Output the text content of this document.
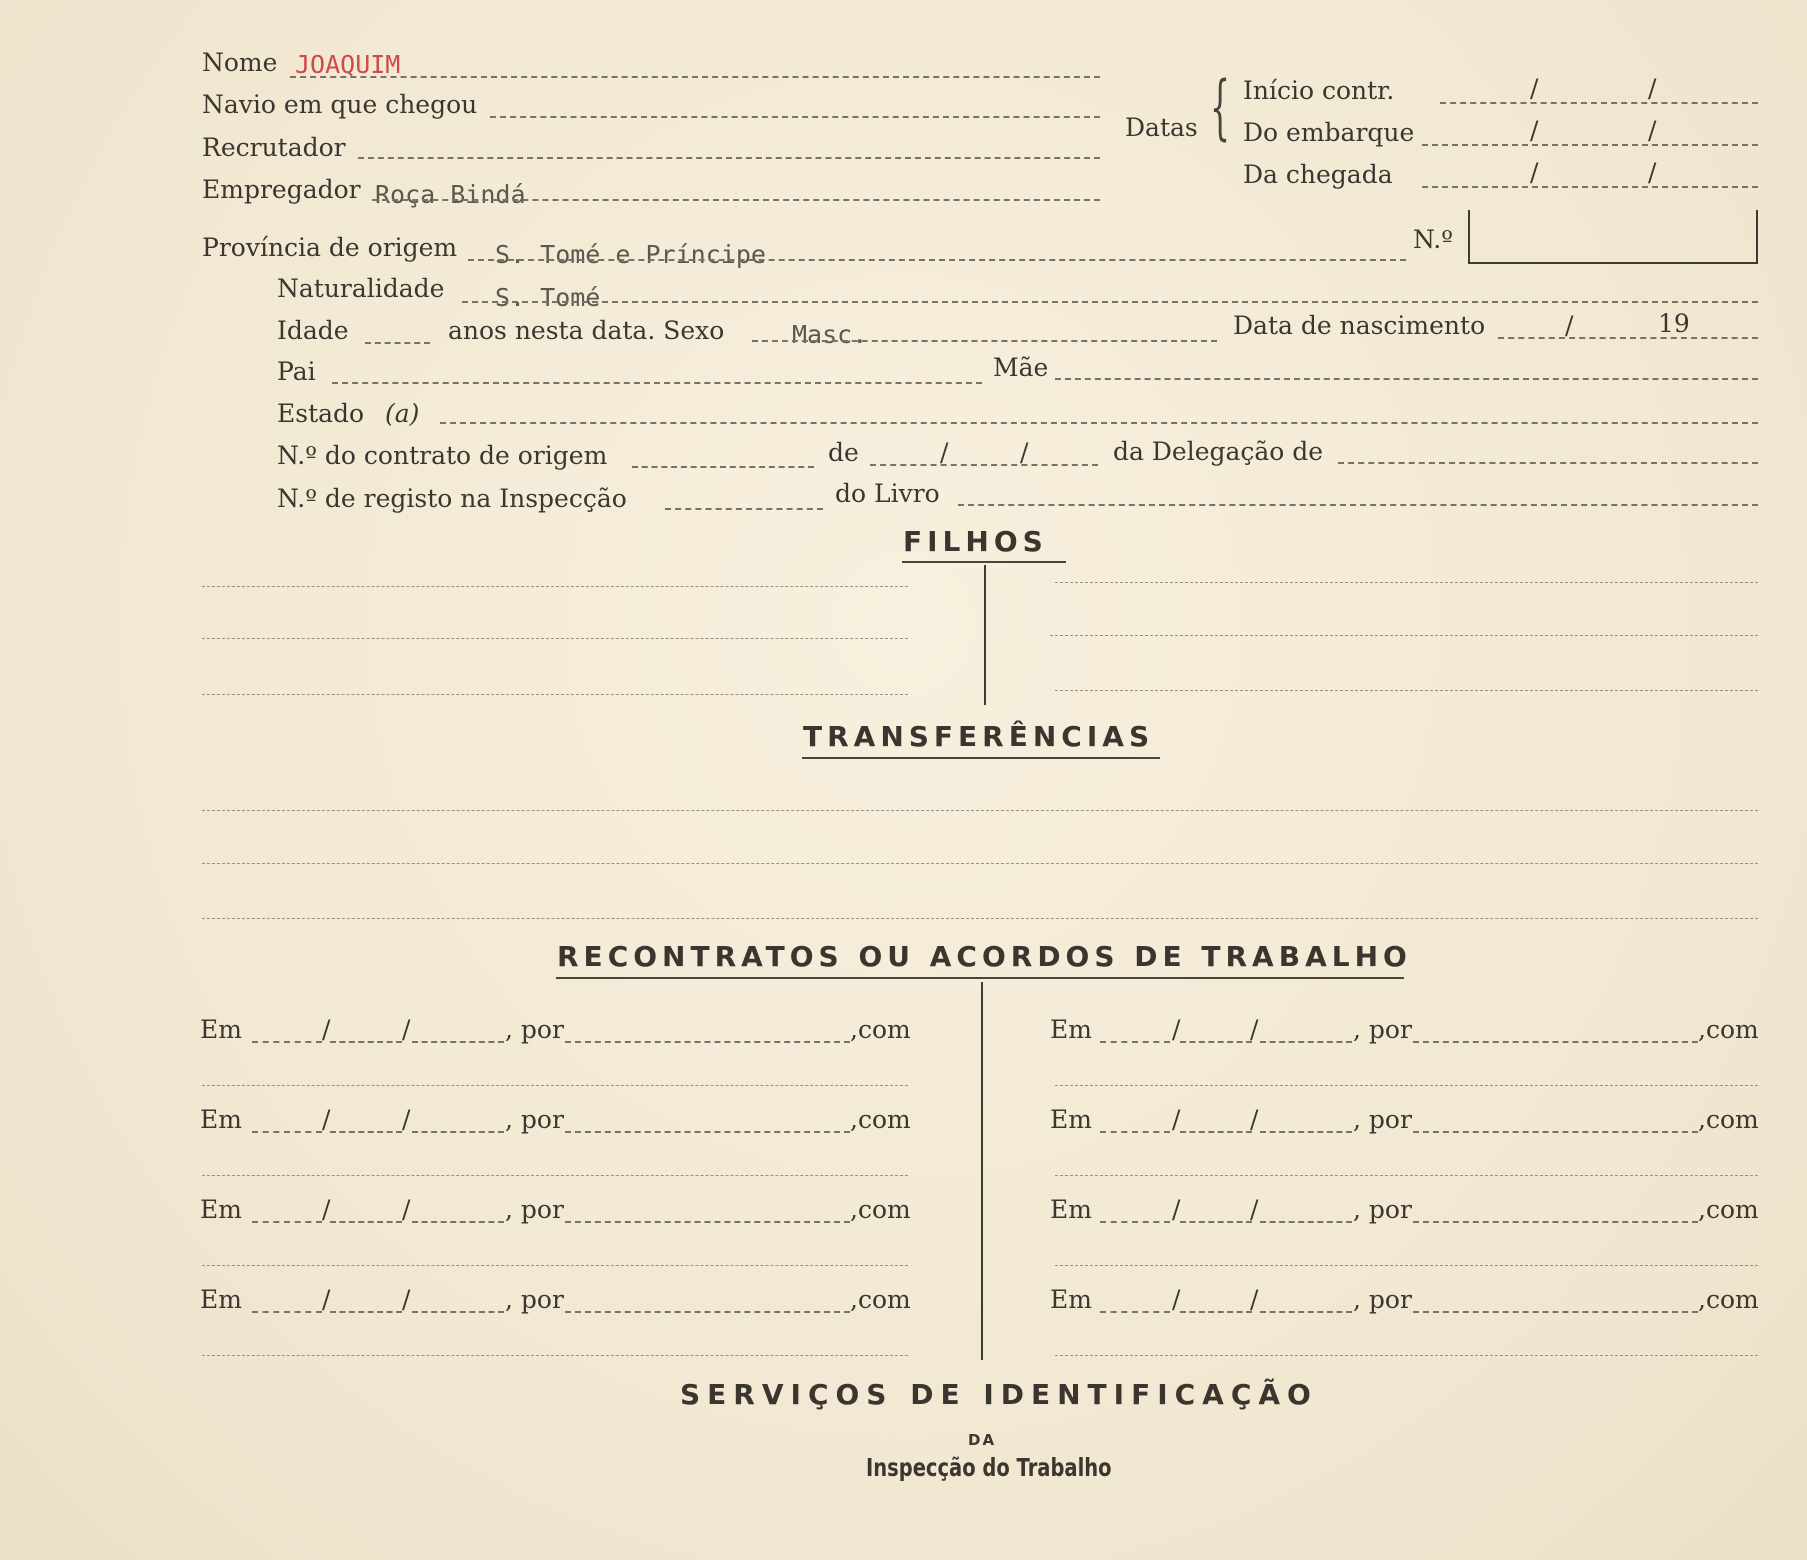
Nome JOAQUIM
Navio em que chegou
Recrutador
Empregador Roça Bindá
Datas { Início contr.	/	/
Do embarque	/	/
Da chegada	/	/
N.º
Província de origem S. Tomé e Príncipe
Naturalidade S. Tomé
Idade	anos nesta data. Sexo	Masc.	Data de nascimento	/	19
Pai	Mãe
Estado (a)
N.º do contrato de origem	de	/	/	da Delegação de
N.º de registo na Inspecção	do Livro
FILHOS
TRANSFERÊNCIAS
RECONTRATOS OU ACORDOS DE TRABALHO
Em	/	/	, por	,com	Em	/	/	, por	,com
Em	/	/	, por	,com	Em	/	/	, por	,com
Em	/	/	, por	,com	Em	/	/	, por	,com
Em	/	/	, por	,com	Em	/	/	, por	,com
SERVIÇOS DE IDENTIFICAÇÃO
DA
Inspecção do Trabalho
